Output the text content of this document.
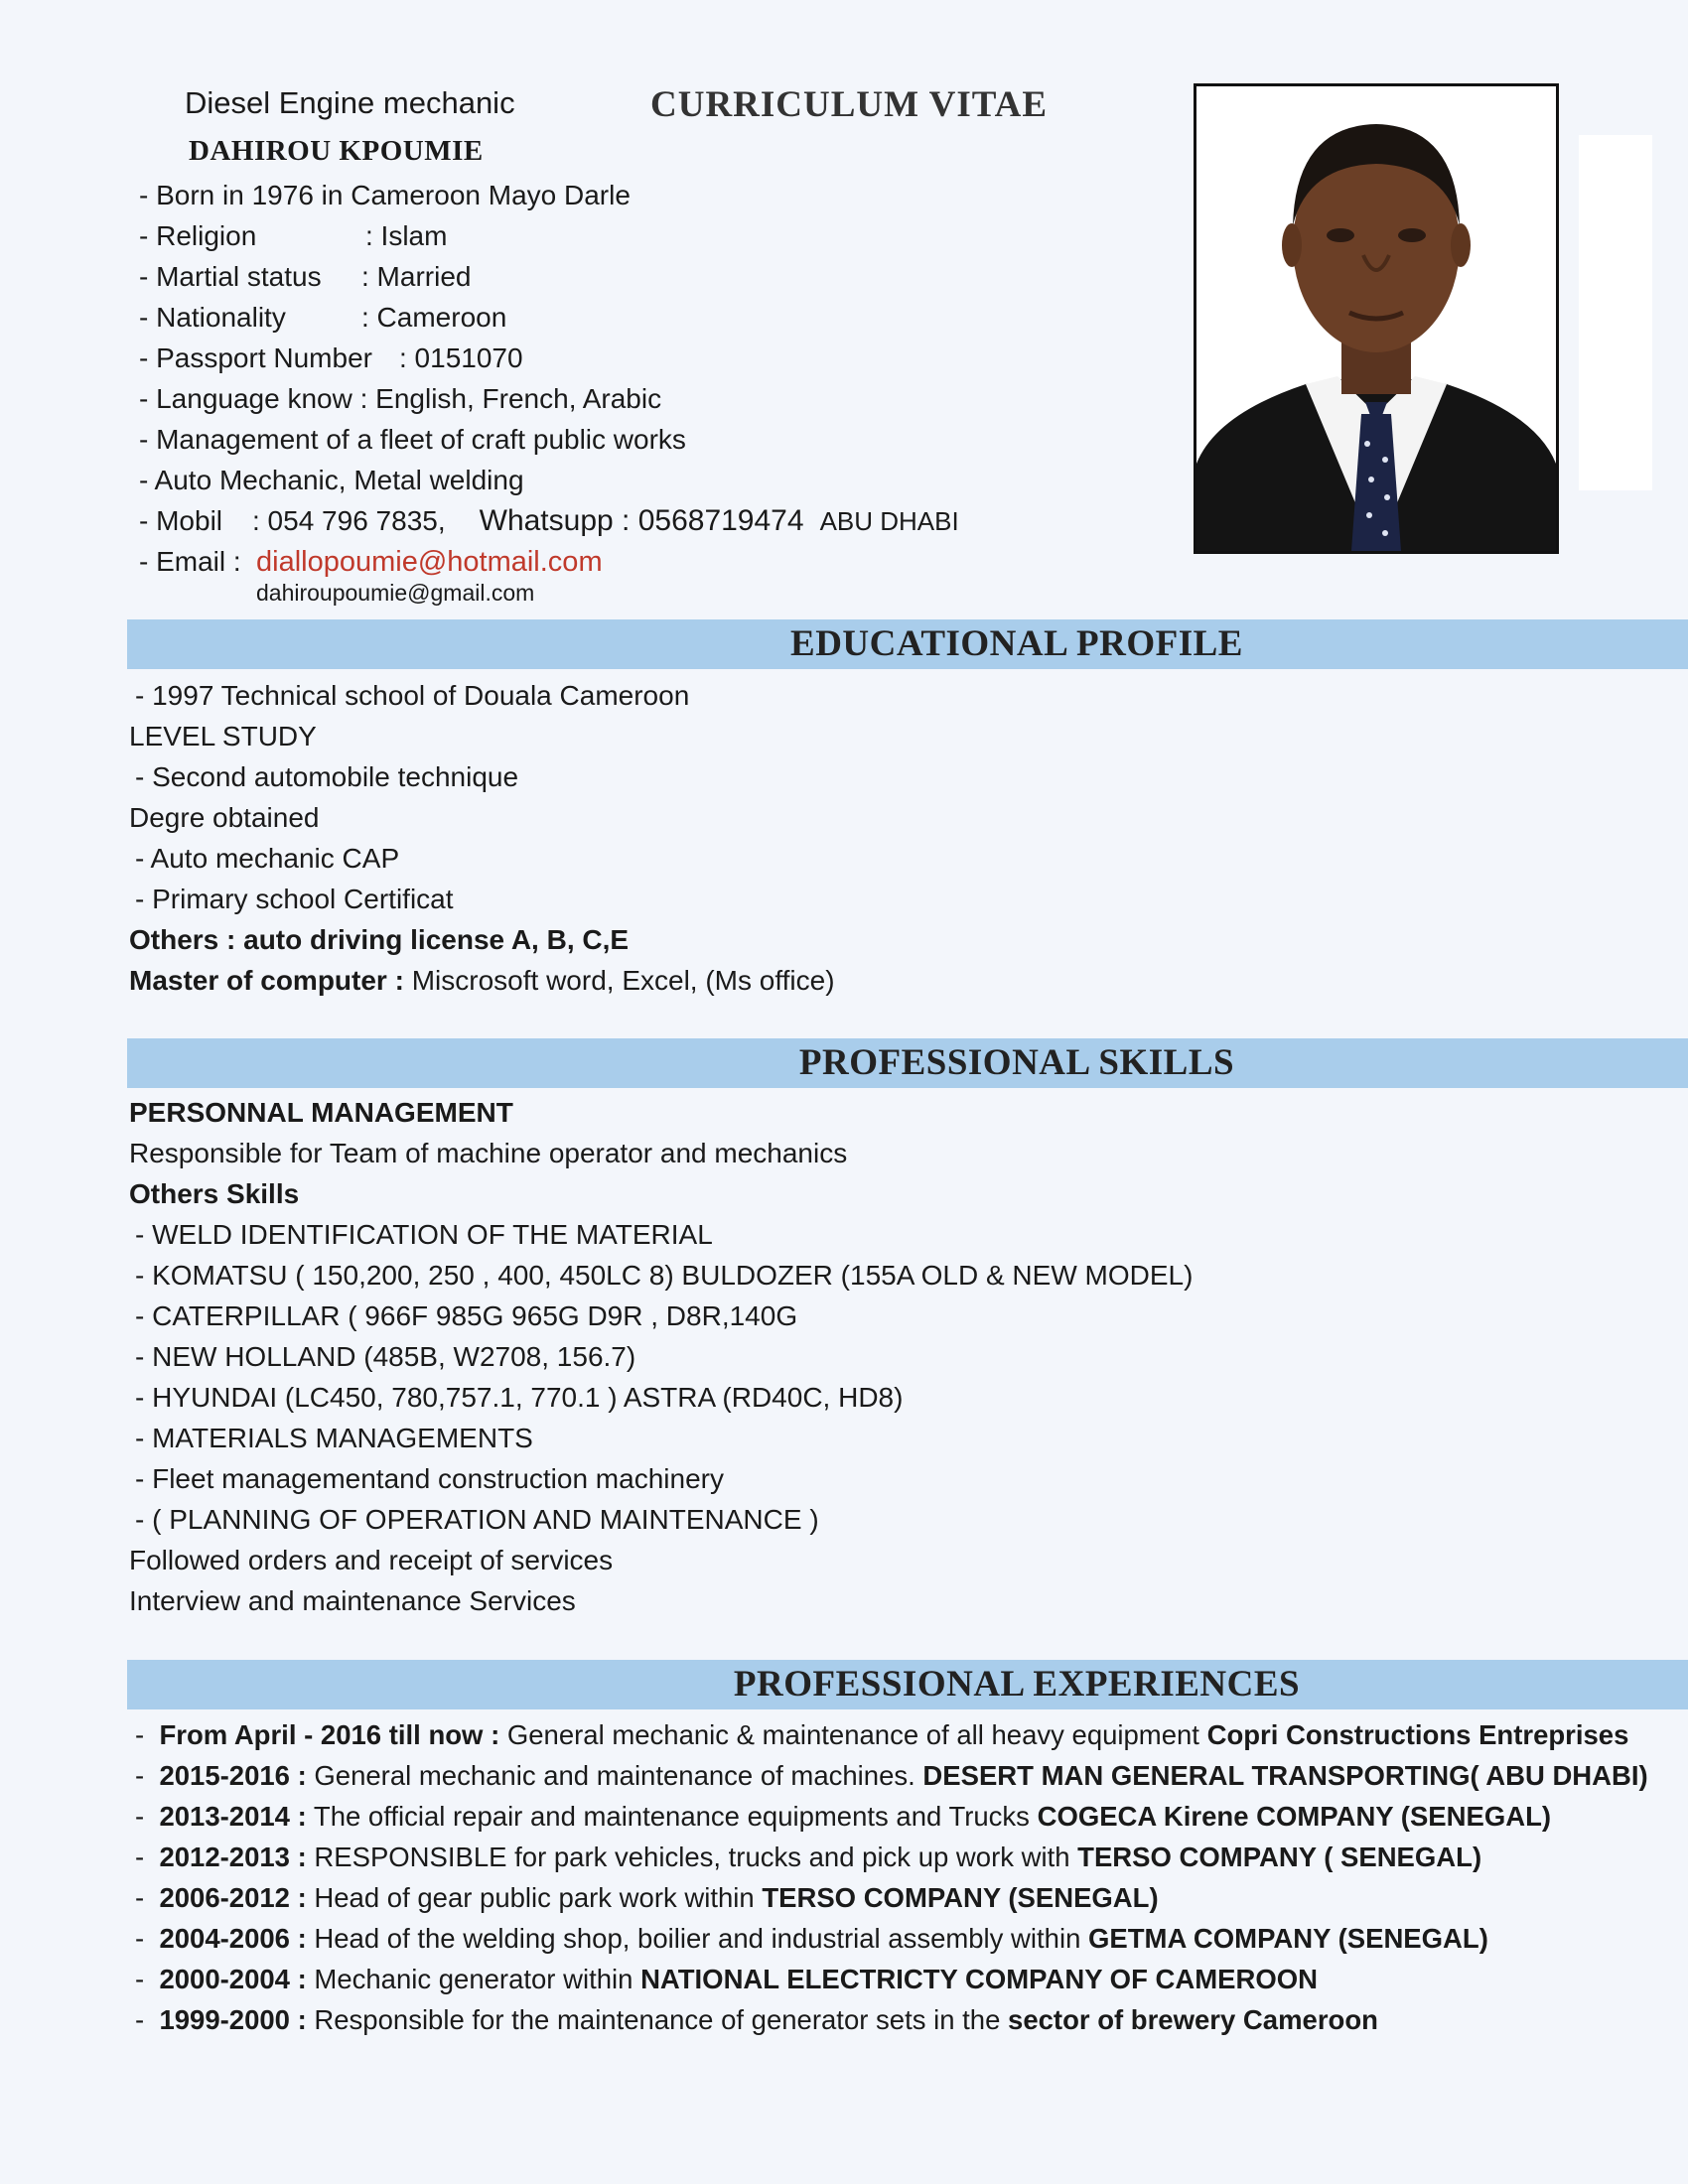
Diesel Engine mechanic
DAHIROU KPOUMIE
CURRICULUM VITAE
- Born in 1976 in Cameroon Mayo Darle
- Religion	: Islam
- Martial status : Married
- Nationality	: Cameroon
- Passport Number : 0151070
- Language know : English, French, Arabic
- Management of a fleet of craft public works
- Auto Mechanic, Metal welding
- Mobil : 054 796 7835, Whatsupp : 0568719474 ABU DHABI
- Email : diallopoumie@hotmail.com
dahiroupoumie@gmail.com
EDUCATIONAL PROFILE
- 1997 Technical school of Douala Cameroon
LEVEL STUDY
- Second automobile technique
Degre obtained
- Auto mechanic CAP
- Primary school Certificat
Others : auto driving license A, B, C,E
Master of computer : Miscrosoft word, Excel, (Ms office)
PROFESSIONAL SKILLS
PERSONNAL MANAGEMENT
Responsible for Team of machine operator and mechanics
Others Skills
- WELD IDENTIFICATION OF THE MATERIAL
- KOMATSU ( 150,200, 250 , 400, 450LC 8) BULDOZER (155A OLD & NEW MODEL)
- CATERPILLAR ( 966F 985G 965G D9R , D8R,140G
- NEW HOLLAND (485B, W2708, 156.7)
- HYUNDAI (LC450, 780,757.1, 770.1 ) ASTRA (RD40C, HD8)
- MATERIALS MANAGEMENTS
- Fleet managementand construction machinery
- ( PLANNING OF OPERATION AND MAINTENANCE )
Followed orders and receipt of services
Interview and maintenance Services
PROFESSIONAL EXPERIENCES
-  From April - 2016 till now : General mechanic & maintenance of all heavy equipment Copri Constructions Entreprises
-  2015-2016 : General mechanic and maintenance of machines. DESERT MAN GENERAL TRANSPORTING( ABU DHABI)
-  2013-2014 : The official repair and maintenance equipments and Trucks COGECA Kirene COMPANY (SENEGAL)
-  2012-2013 : RESPONSIBLE for park vehicles, trucks and pick up work with TERSO COMPANY ( SENEGAL)
-  2006-2012 : Head of gear public park work within TERSO COMPANY (SENEGAL)
-  2004-2006 : Head of the welding shop, boilier and industrial assembly within GETMA COMPANY (SENEGAL)
-  2000-2004 : Mechanic generator within NATIONAL ELECTRICTY COMPANY OF CAMEROON
-  1999-2000 : Responsible for the maintenance of generator sets in the sector of brewery Cameroon
